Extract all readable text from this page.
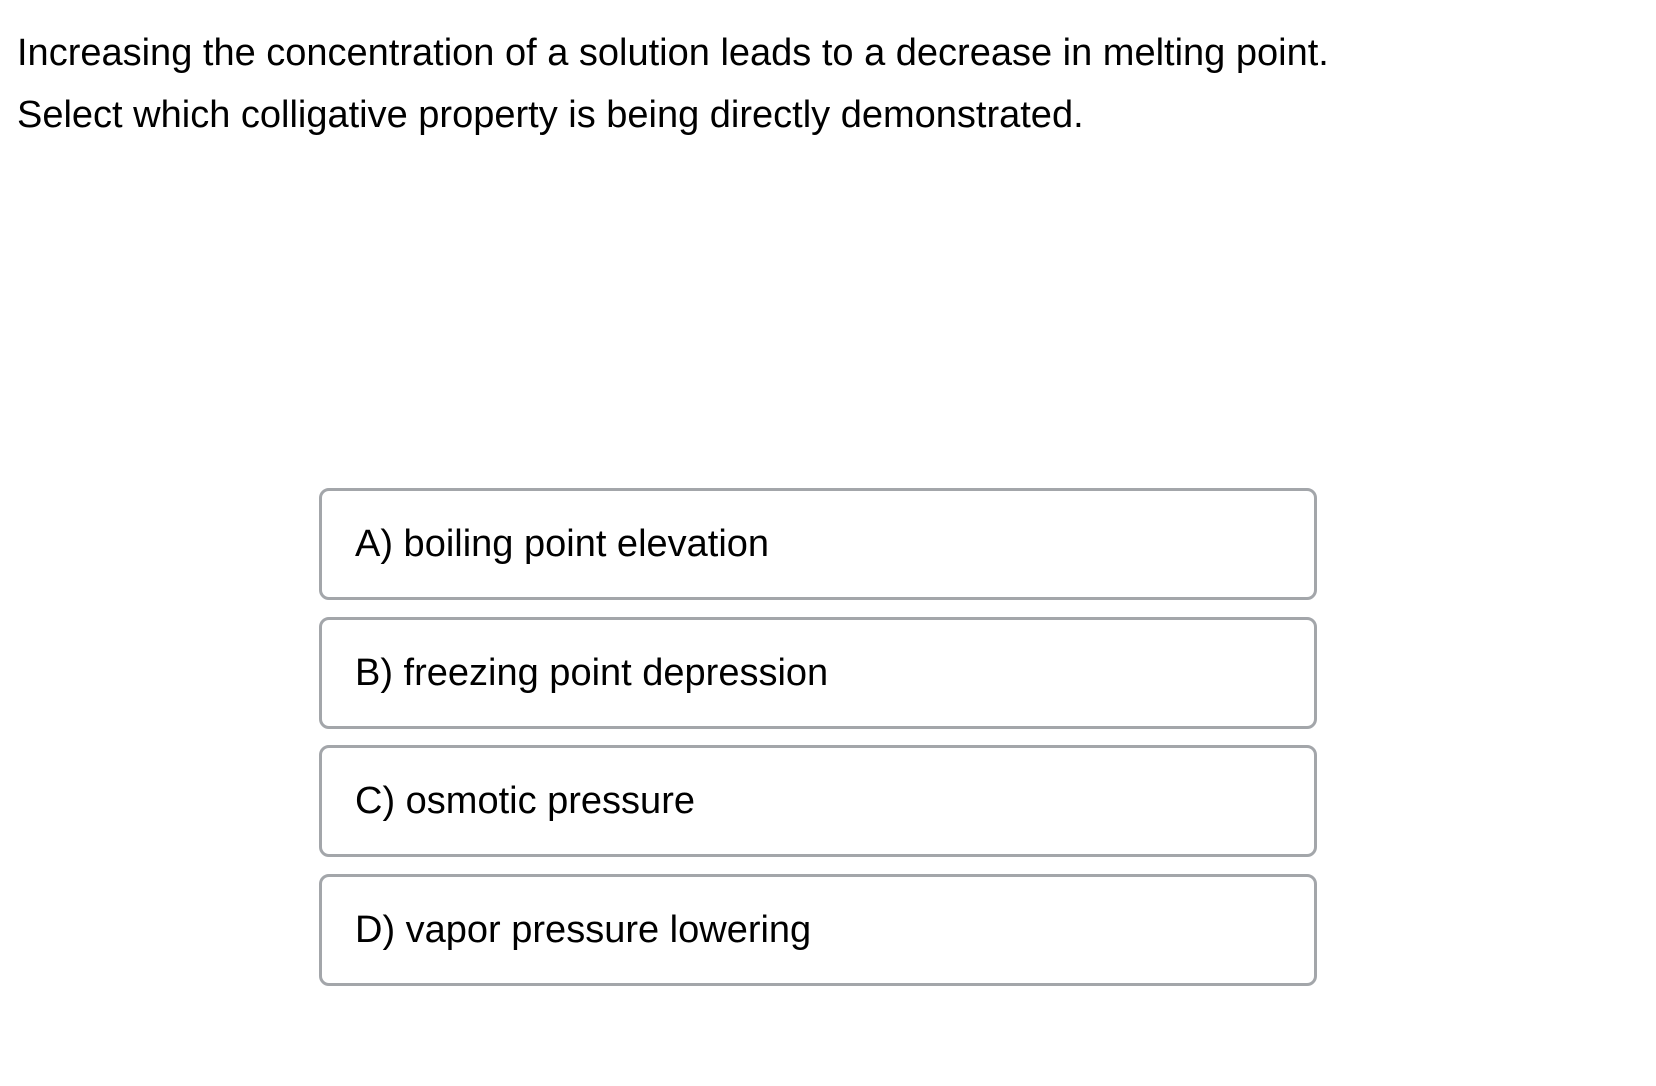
Increasing the concentration of a solution leads to a decrease in melting point.
Select which colligative property is being directly demonstrated.
A) boiling point elevation
B) freezing point depression
C) osmotic pressure
D) vapor pressure lowering
